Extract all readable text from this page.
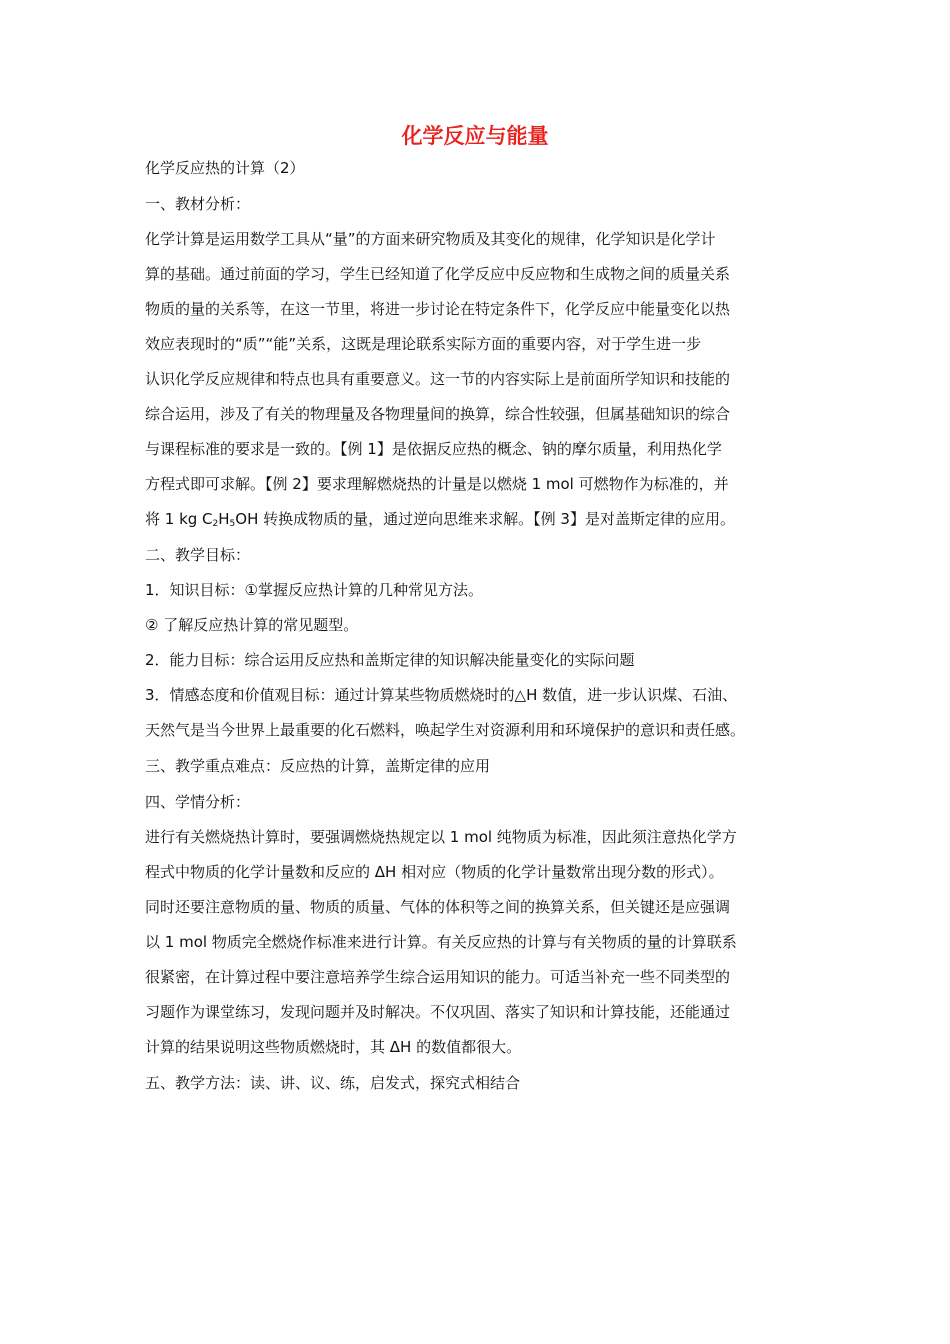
化学反应与能量

化学反应热的计算（2）

一、教材分析：

化学计算是运用数学工具从“量”的方面来研究物质及其变化的规律，化学知识是化学计

算的基础。通过前面的学习，学生已经知道了化学反应中反应物和生成物之间的质量关系

物质的量的关系等，在这一节里，将进一步讨论在特定条件下，化学反应中能量变化以热

效应表现时的“质”“能”关系，这既是理论联系实际方面的重要内容，对于学生进一步

认识化学反应规律和特点也具有重要意义。这一节的内容实际上是前面所学知识和技能的

综合运用，涉及了有关的物理量及各物理量间的换算，综合性较强，但属基础知识的综合

与课程标准的要求是一致的。【例 1】是依据反应热的概念、钠的摩尔质量，利用热化学

方程式即可求解。【例 2】要求理解燃烧热的计量是以燃烧 1 mol 可燃物作为标准的，并

将 1 kg $C_2H_5OH$ 转换成物质的量，通过逆向思维来求解。【例 3】是对盖斯定律的应用。

二、教学目标：

1．知识目标：①掌握反应热计算的几种常见方法。

② 了解反应热计算的常见题型。

2．能力目标：综合运用反应热和盖斯定律的知识解决能量变化的实际问题

3．情感态度和价值观目标：通过计算某些物质燃烧时的△H 数值，进一步认识煤、石油、

天然气是当今世界上最重要的化石燃料，唤起学生对资源利用和环境保护的意识和责任感。

三、教学重点难点：反应热的计算，盖斯定律的应用

四、学情分析：

进行有关燃烧热计算时，要强调燃烧热规定以 1 mol 纯物质为标准，因此须注意热化学方

程式中物质的化学计量数和反应的 ΔH 相对应（物质的化学计量数常出现分数的形式）。

同时还要注意物质的量、物质的质量、气体的体积等之间的换算关系，但关键还是应强调

以 1 mol 物质完全燃烧作标准来进行计算。有关反应热的计算与有关物质的量的计算联系

很紧密，在计算过程中要注意培养学生综合运用知识的能力。可适当补充一些不同类型的

习题作为课堂练习，发现问题并及时解决。不仅巩固、落实了知识和计算技能，还能通过

计算的结果说明这些物质燃烧时，其 ΔH 的数值都很大。

五、教学方法：读、讲、议、练，启发式，探究式相结合
